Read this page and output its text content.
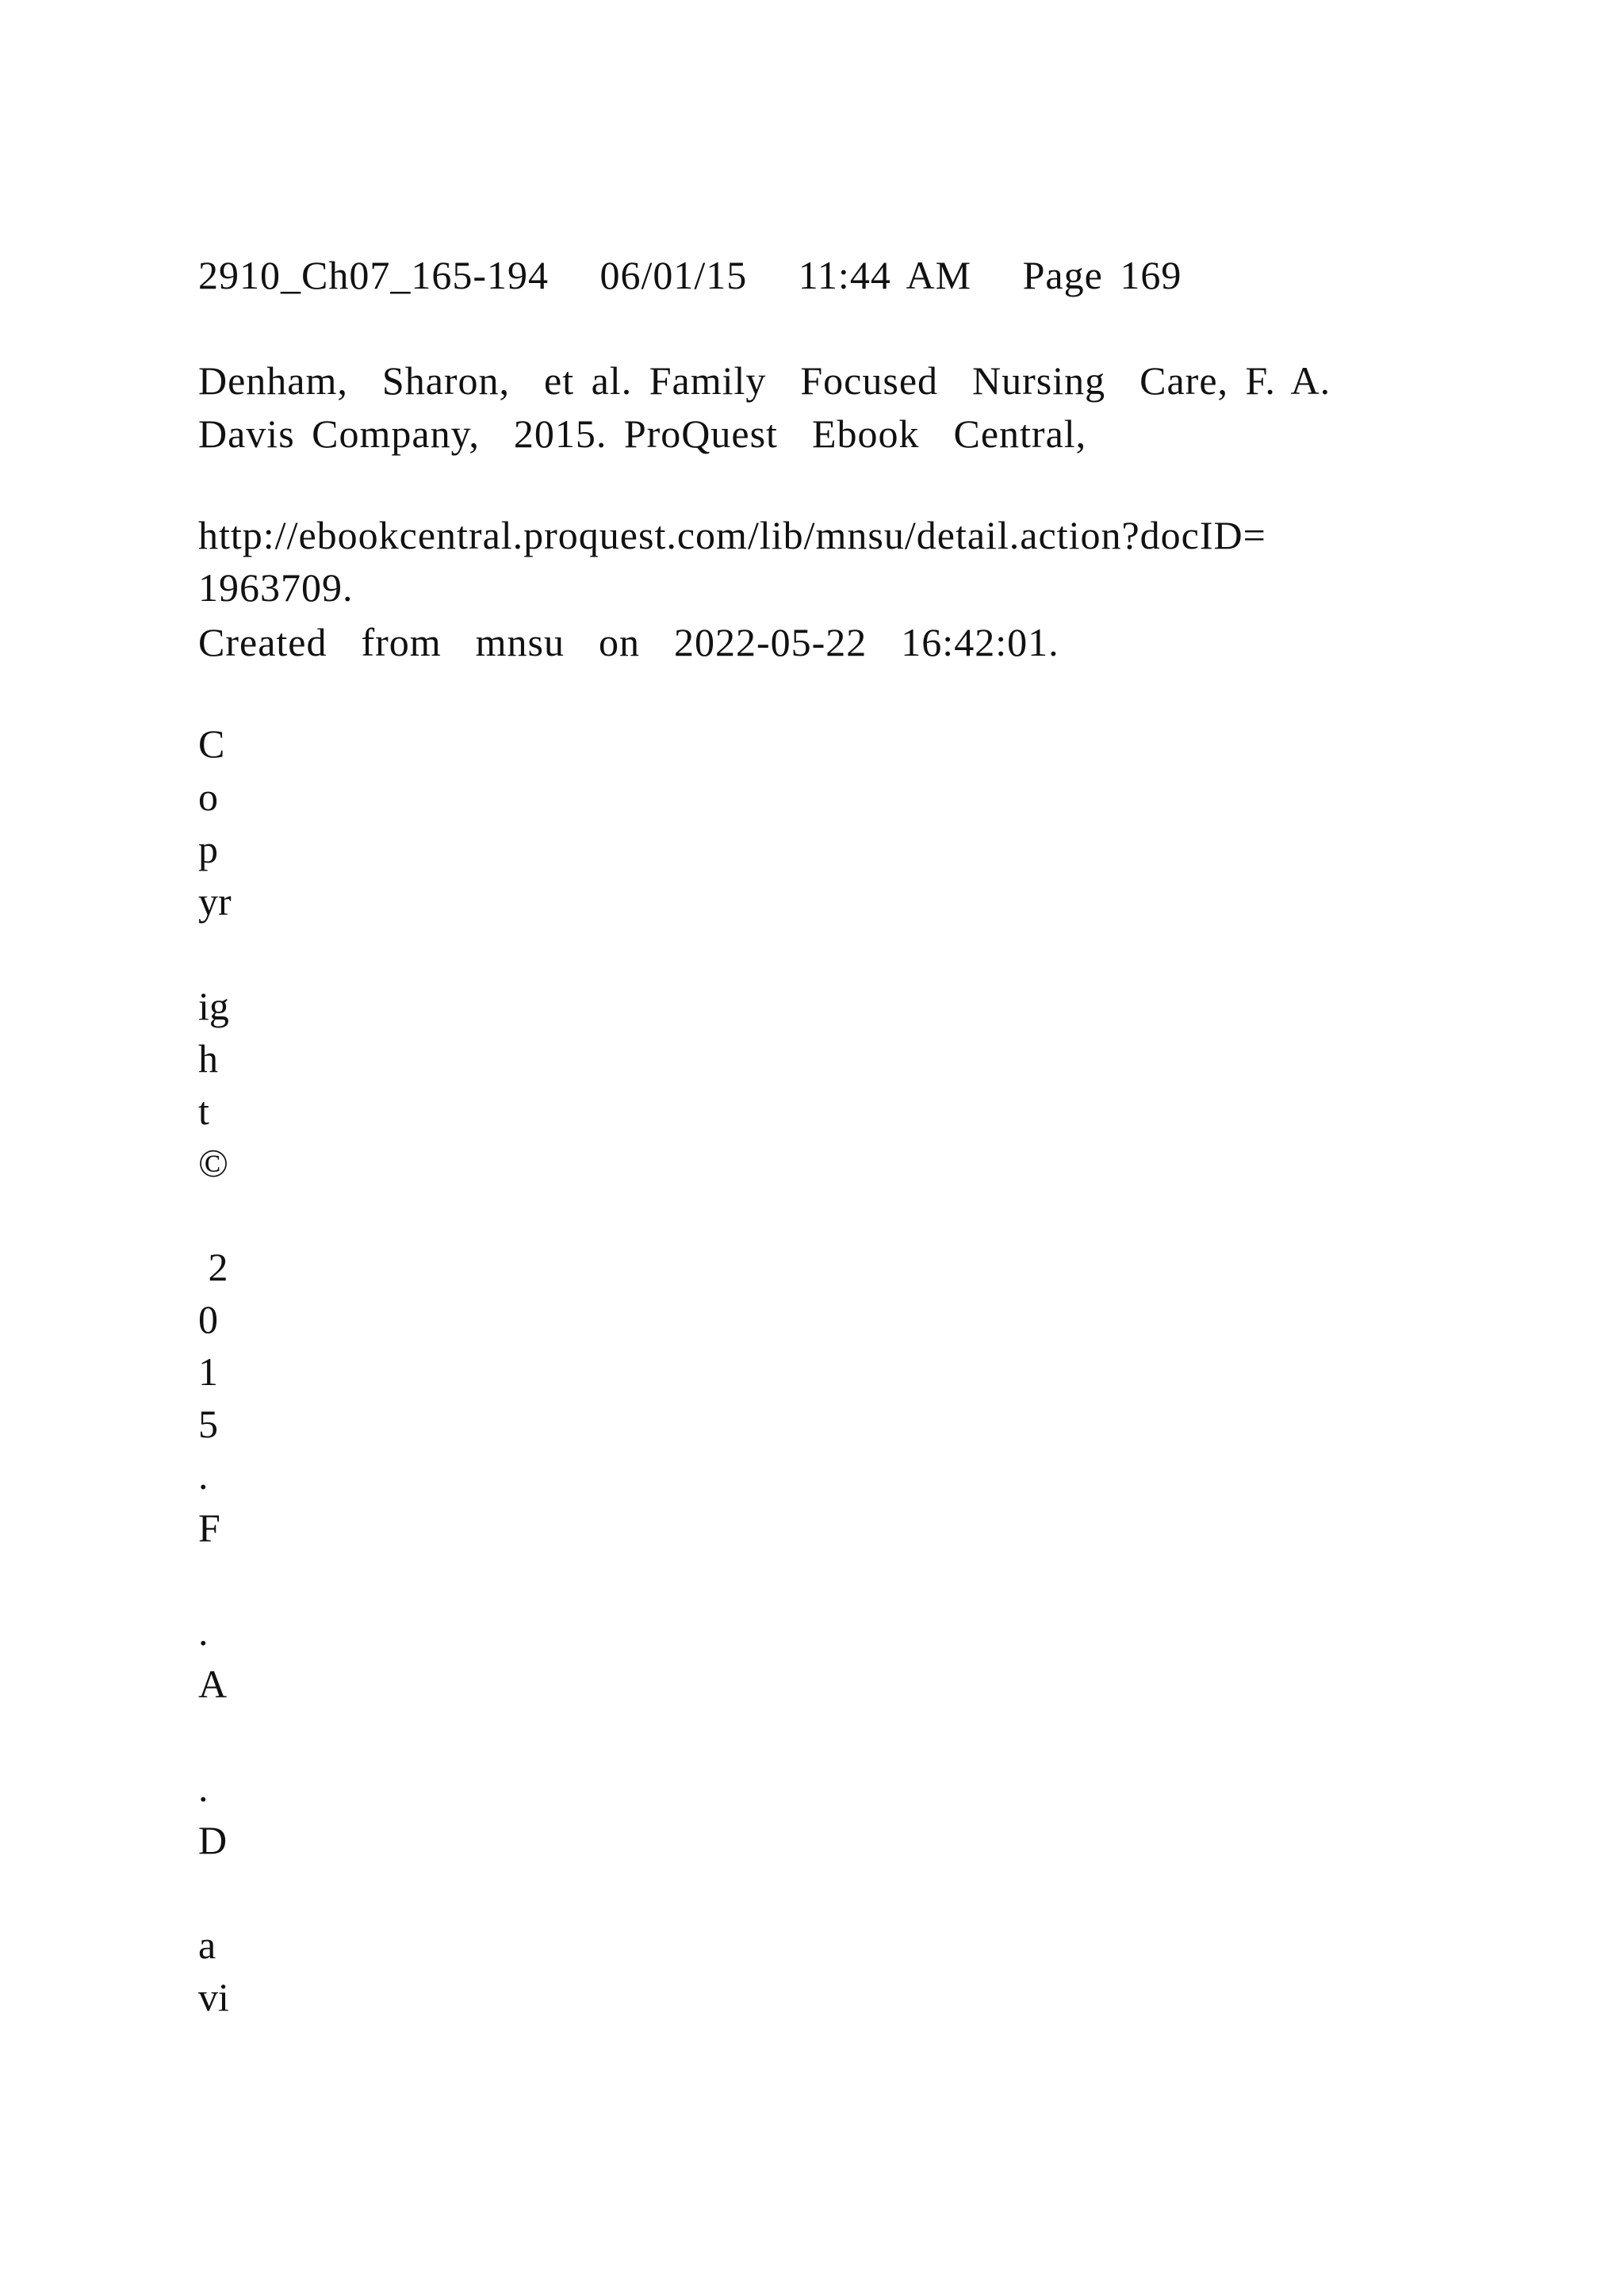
2910_Ch07_165-194   06/01/15   11:44 AM   Page 169
Denham,  Sharon,  et al. Family  Focused  Nursing  Care, F. A.
Davis Company,  2015. ProQuest  Ebook  Central,
http://ebookcentral.proquest.com/lib/mnsu/detail.action?docID=
1963709.
Created  from  mnsu  on  2022-05-22  16:42:01.
C
o
p
yr
ig
h
t
©
2
0
1
5
.
F
.
A
.
D
a
vi
